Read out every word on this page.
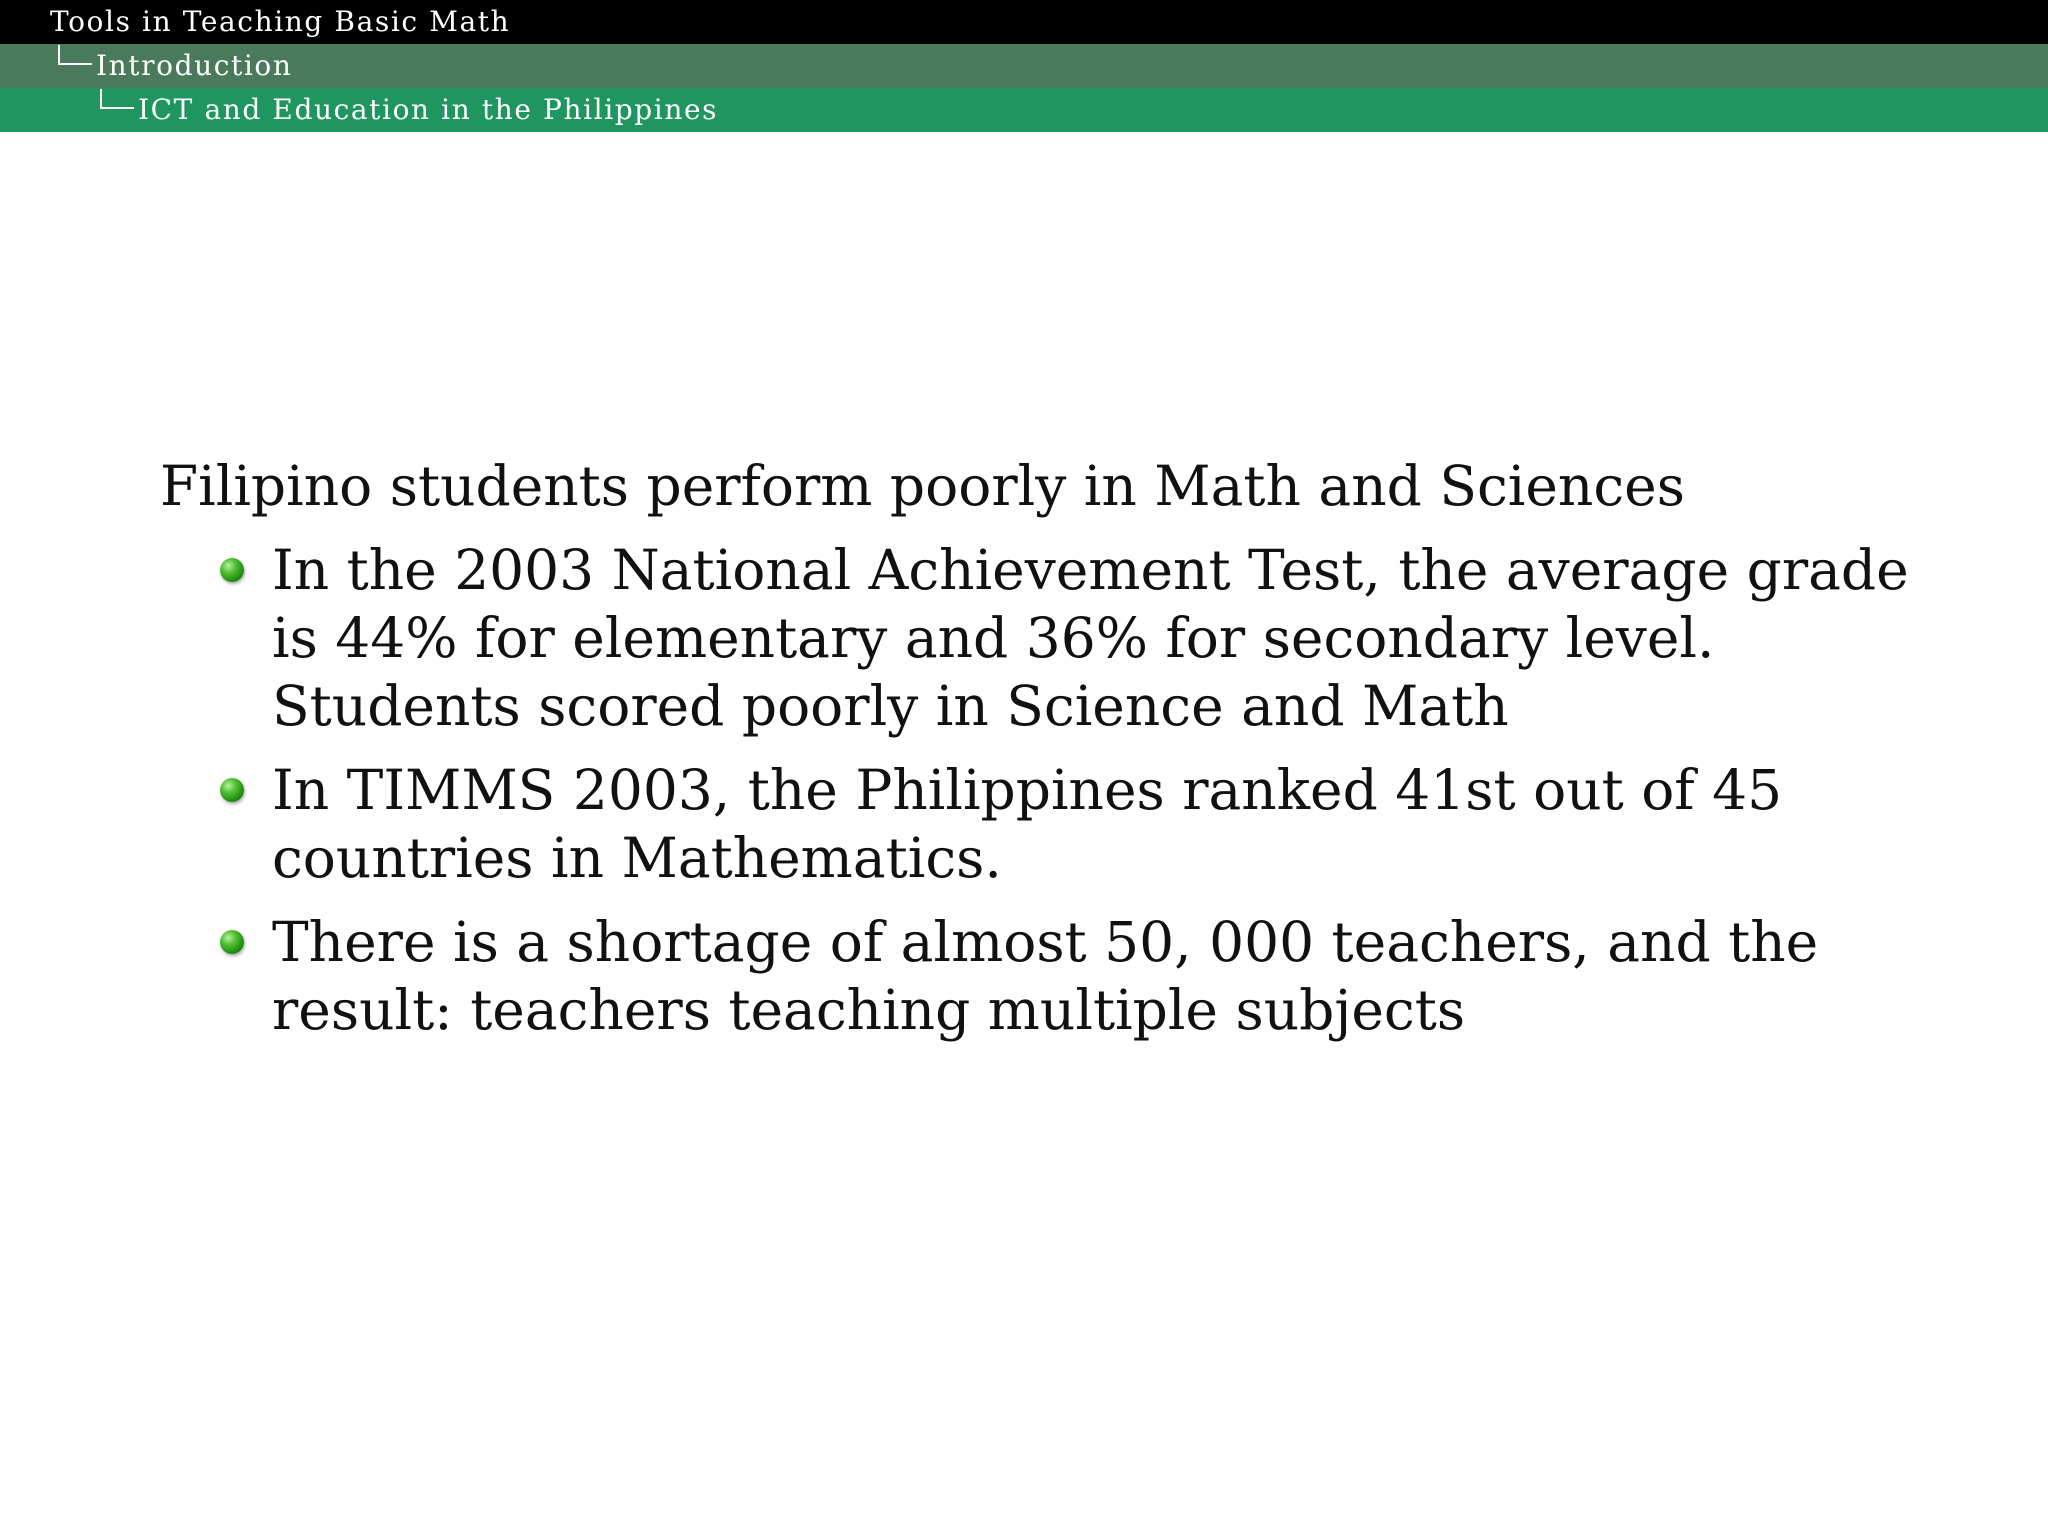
Tools in Teaching Basic Math
Introduction
ICT and Education in the Philippines

Filipino students perform poorly in Math and Sciences

In the 2003 National Achievement Test, the average grade is 44% for elementary and 36% for secondary level. Students scored poorly in Science and Math
In TIMMS 2003, the Philippines ranked 41st out of 45 countries in Mathematics.
There is a shortage of almost 50, 000 teachers, and the result: teachers teaching multiple subjects
